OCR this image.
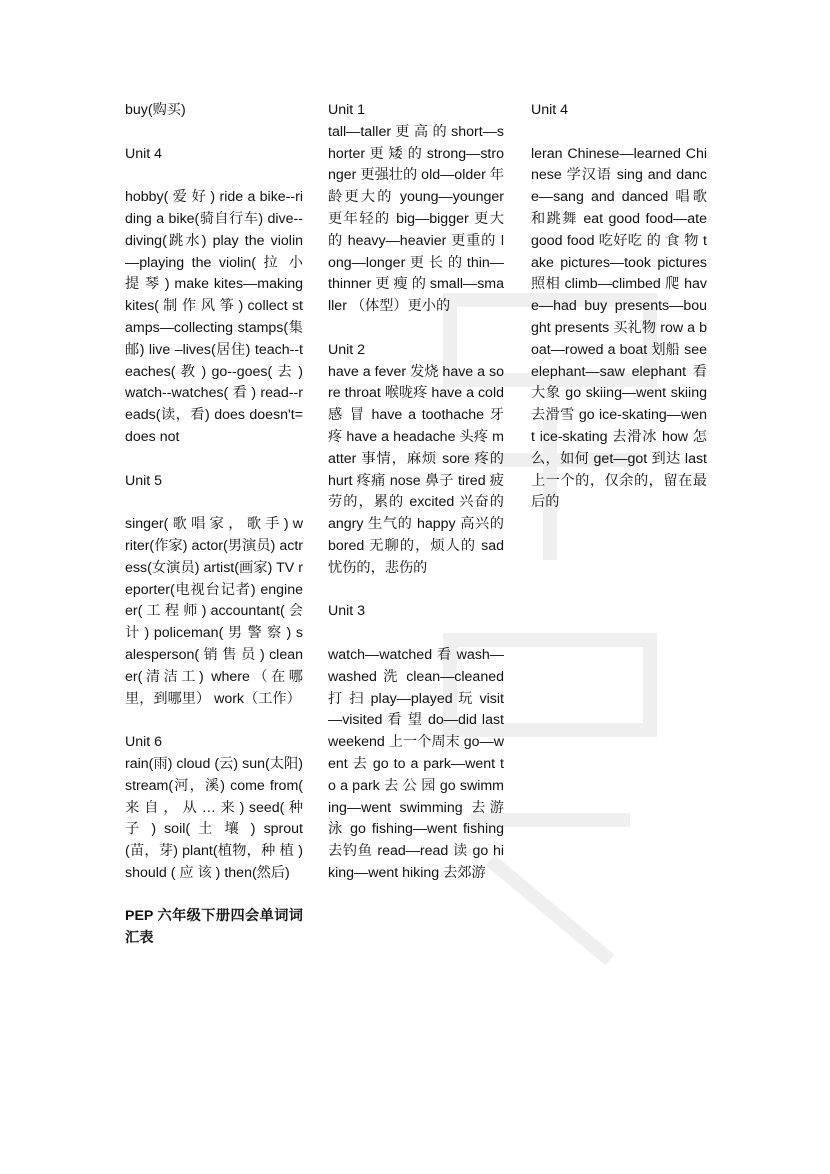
buy(购买)

Unit 4

hobby( 爱 好 ) ride a bike--riding a bike(骑自行车) dive--diving(跳水) play the violin—playing the violin( 拉 小 提 琴 ) make kites—making kites( 制 作 风 筝 ) collect stamps—collecting stamps(集邮) live –lives(居住) teach--teaches( 教 ) go--goes( 去 ) watch--watches( 看 ) read--reads(读，看) does doesn't=does not

Unit 5

singer( 歌 唱 家 ， 歌 手 ) writer(作家) actor(男演员) actress(女演员) artist(画家) TV reporter(电视台记者) engineer( 工 程 师 ) accountant( 会 计 ) policeman( 男 警 察 ) salesperson( 销 售 员 ) cleaner(清洁工) where（在哪里，到哪里） work（工作）

Unit 6

rain(雨) cloud (云) sun(太阳) stream(河，溪) come from( 来 自 ， 从 … 来 ) seed( 种 子 ) soil( 土 壤 ) sprout (苗，芽) plant(植物，种 植 ) should ( 应 该 ) then(然后)

PEP 六年级下册四会单词词汇表

Unit 1

tall—taller 更 高 的 short—shorter 更 矮 的 strong—stronger 更强壮的 old—older 年龄更大的 young—younger 更年轻的 big—bigger 更大的 heavy—heavier 更重的 long—longer 更 长 的 thin—thinner 更 瘦 的 small—smaller （体型）更小的

Unit 2

have a fever 发烧 have a sore throat 喉咙疼 have a cold 感 冒 have a toothache 牙疼 have a headache 头疼 matter 事情，麻烦 sore 疼的 hurt 疼痛 nose 鼻子 tired 疲劳的，累的 excited 兴奋的 angry 生气的 happy 高兴的 bored 无聊的，烦人的 sad 忧伤的，悲伤的

Unit 3

watch—watched 看 wash—washed 洗 clean—cleaned 打 扫 play—played 玩 visit—visited 看 望 do—did last weekend 上一个周末 go—went 去 go to a park—went to a park 去 公 园 go swimming—went swimming 去游泳 go fishing—went fishing 去钓鱼 read—read 读 go hiking—went hiking 去郊游

Unit 4

leran Chinese—learned Chinese 学汉语 sing and dance—sang and danced 唱歌和跳舞 eat good food—ate good food 吃好吃 的 食 物 take pictures—took pictures 照相 climb—climbed 爬 have—had buy presents—bought presents 买礼物 row a boat—rowed a boat 划船 see elephant—saw elephant 看大象 go skiing—went skiing 去滑雪 go ice-skating—went ice-skating 去滑冰 how 怎么，如何 get—got 到达 last 上一个的，仅余的，留在最后的
